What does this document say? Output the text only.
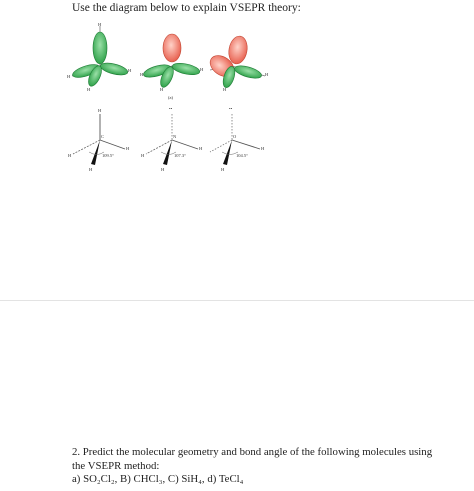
Use the diagram below to explain VSEPR theory:
H
H
H
H
H
H
H
H
H
(a)
H
C
H
H
H
109.5°
••
N
H
H
H
107.3°
••
O
H
H
104.5°

2. Predict the molecular geometry and bond angle of the following molecules using

the VSEPR method:

a) SO₂Cl₂, B) CHCl₃, C) SiH₄, d) TeCl₄
